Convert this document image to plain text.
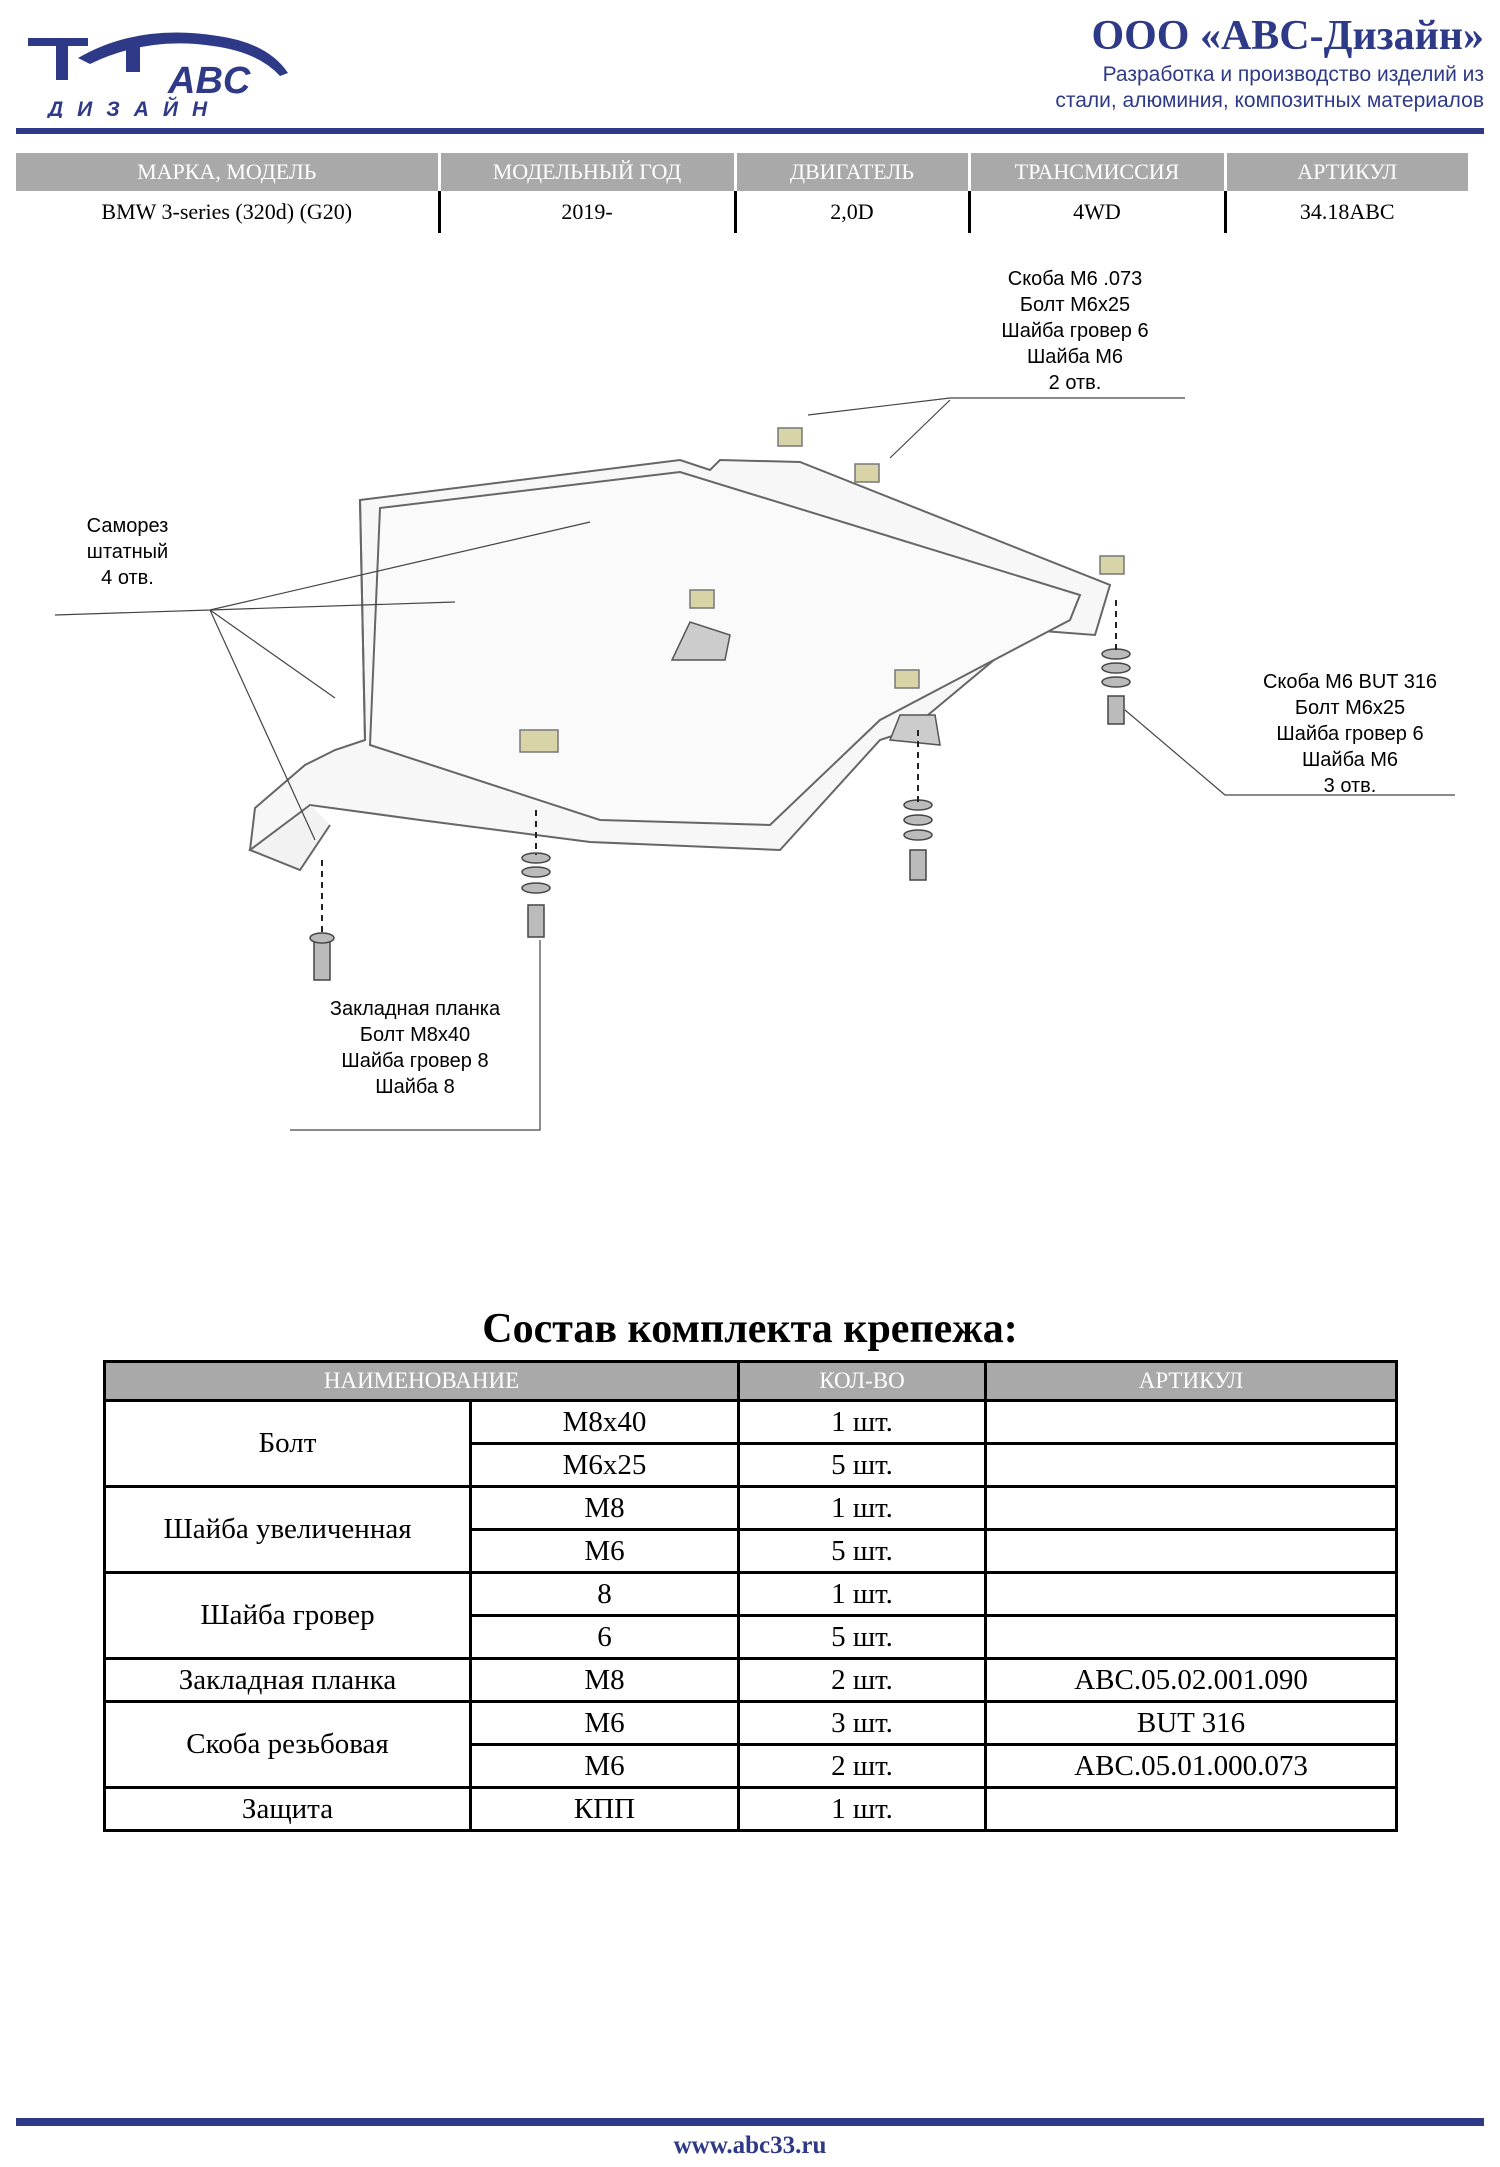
ABC
ДИЗАЙН
ООО «АВС-Дизайн»
Разработка и производство изделий из
стали, алюминия, композитных материалов
МАРКА, МОДЕЛЬ	МОДЕЛЬНЫЙ ГОД	ДВИГАТЕЛЬ	ТРАНСМИССИЯ	АРТИКУЛ
BMW 3-series (320d) (G20)	2019-	2,0D	4WD	34.18ABC
Скоба М6 .073
Болт М6х25
Шайба гровер 6
Шайба М6
2 отв.
Саморез
штатный
4 отв.
Скоба М6 BUT 316
Болт М6х25
Шайба гровер 6
Шайба М6
3 отв.
Закладная планка
Болт М8х40
Шайба гровер 8
Шайба 8
Состав комплекта крепежа:
НАИМЕНОВАНИЕ		КОЛ-ВО	АРТИКУЛ
Болт	М8х40	1 шт.	
	М6х25	5 шт.	
Шайба увеличенная	М8	1 шт.	
	М6	5 шт.	
Шайба гровер	8	1 шт.	
	6	5 шт.	
Закладная планка	М8	2 шт.	АВС.05.02.001.090
Скоба резьбовая	М6	3 шт.	BUT 316
	М6	2 шт.	АВС.05.01.000.073
Защита	КПП	1 шт.	
www.abc33.ru
